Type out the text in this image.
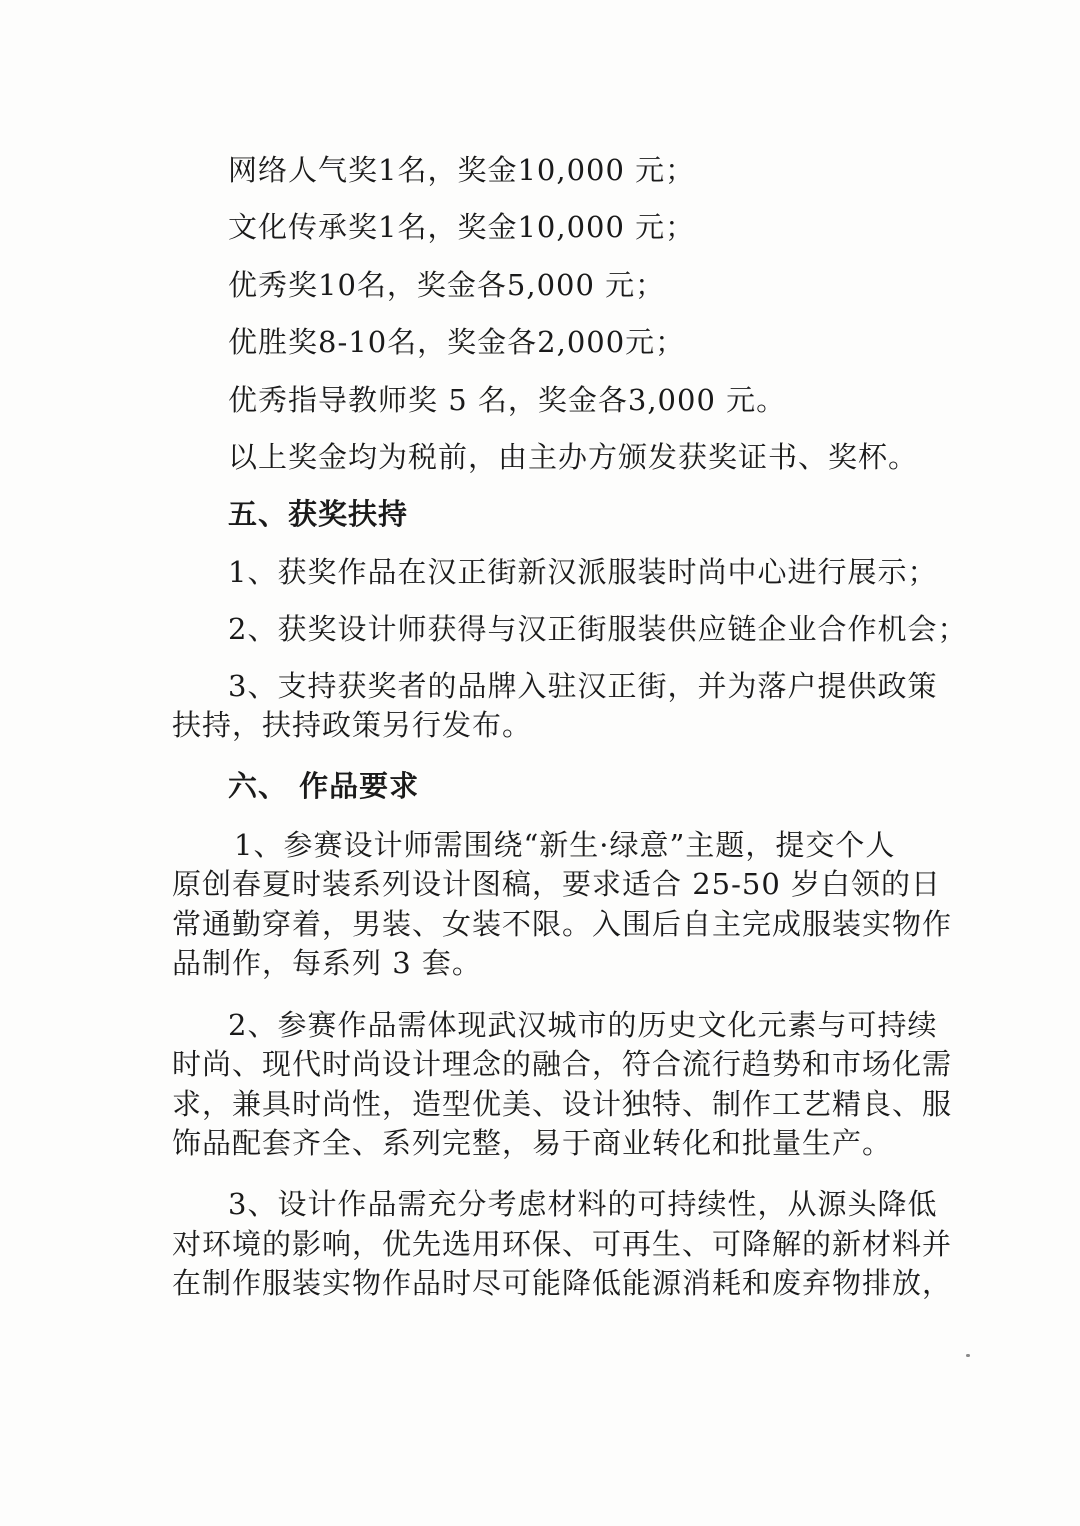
网络人气奖1名，奖金10,000 元；
文化传承奖1名，奖金10,000 元；
优秀奖10名，奖金各5,000 元；
优胜奖8-10名，奖金各2,000元；
优秀指导教师奖 5 名，奖金各3,000 元。
以上奖金均为税前，由主办方颁发获奖证书、奖杯。
五、获奖扶持
1、获奖作品在汉正街新汉派服装时尚中心进行展示；
2、获奖设计师获得与汉正街服装供应链企业合作机会；
3、支持获奖者的品牌入驻汉正街，并为落户提供政策
扶持，扶持政策另行发布。
六、 作品要求
1、参赛设计师需围绕“新生·绿意”主题，提交个人
原创春夏时装系列设计图稿，要求适合 25-50 岁白领的日
常通勤穿着，男装、女装不限。入围后自主完成服装实物作
品制作，每系列 3 套。
2、参赛作品需体现武汉城市的历史文化元素与可持续
时尚、现代时尚设计理念的融合，符合流行趋势和市场化需
求，兼具时尚性，造型优美、设计独特、制作工艺精良、服
饰品配套齐全、系列完整，易于商业转化和批量生产。
3、设计作品需充分考虑材料的可持续性，从源头降低
对环境的影响，优先选用环保、可再生、可降解的新材料并
在制作服装实物作品时尽可能降低能源消耗和废弃物排放，
